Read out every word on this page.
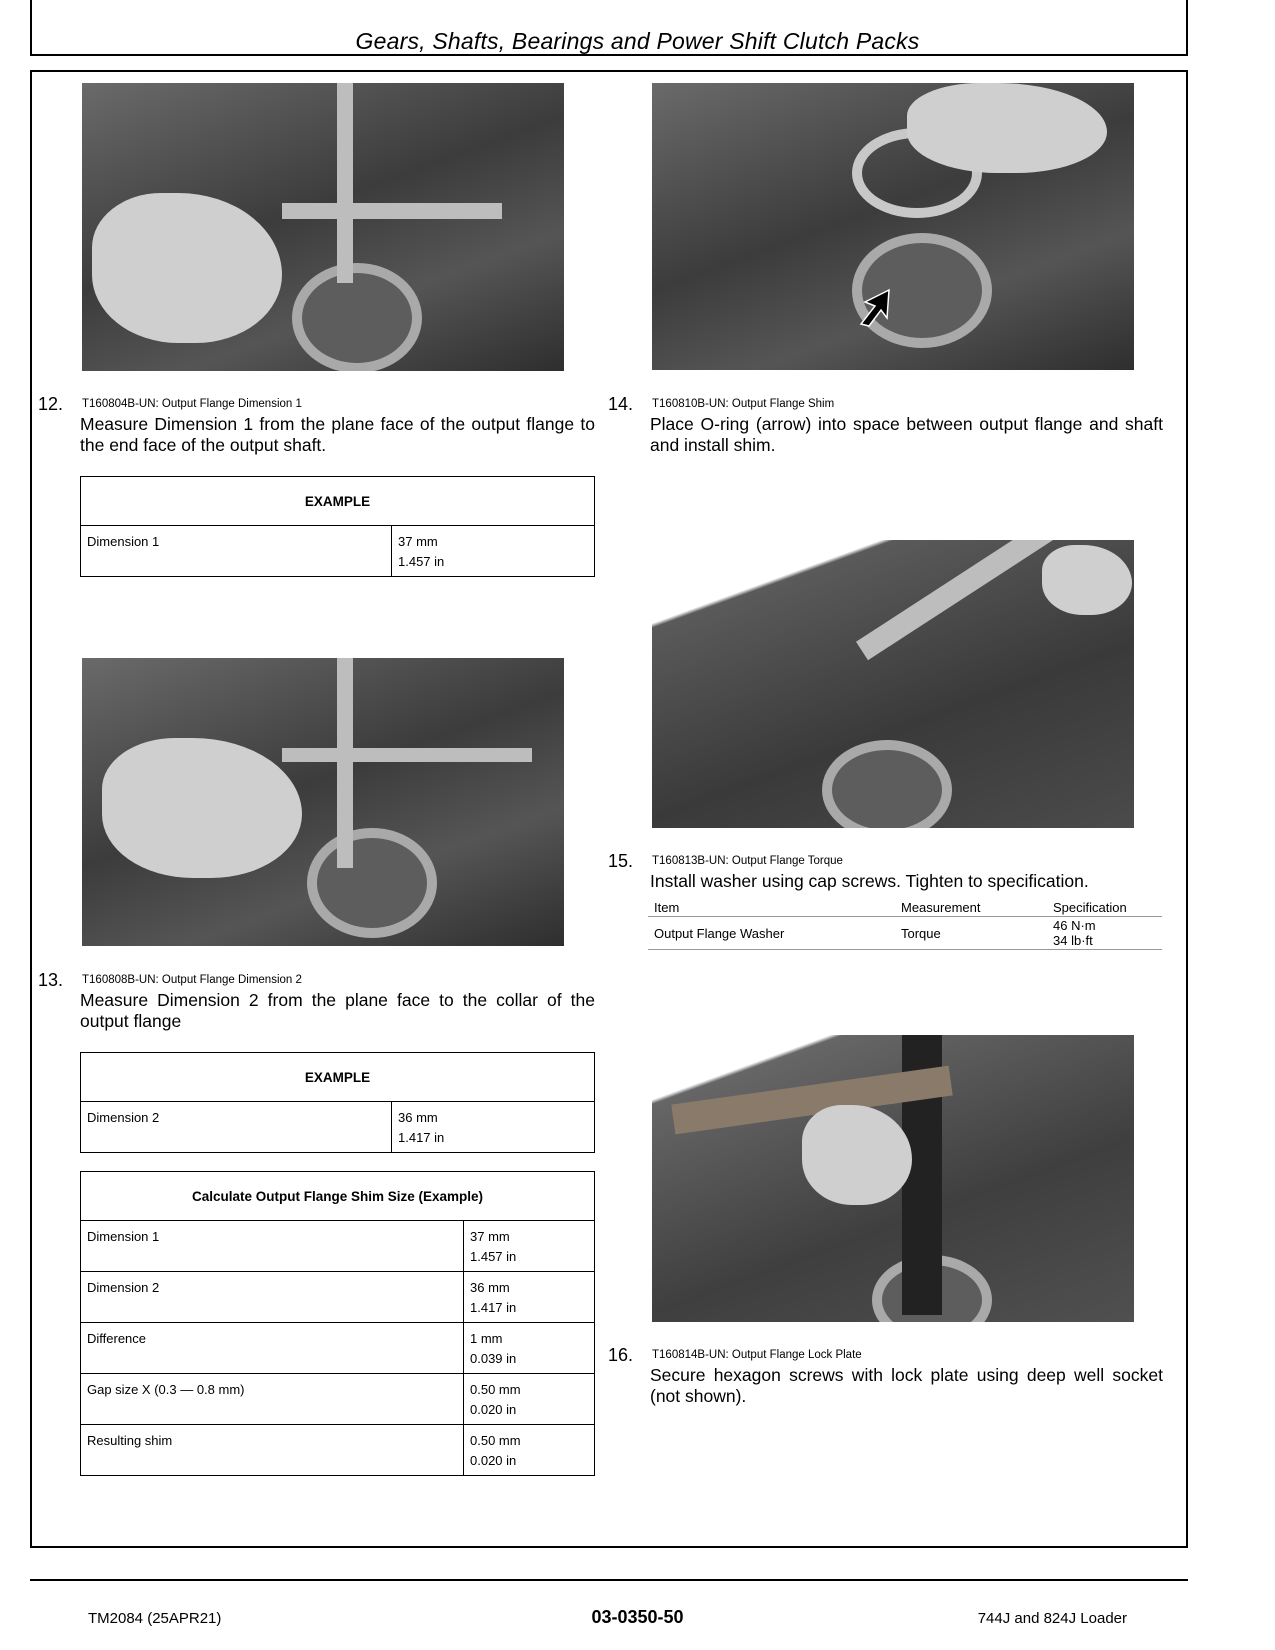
Gears, Shafts, Bearings and Power Shift Clutch Packs
12. T160804B-UN: Output Flange Dimension 1
Measure Dimension 1 from the plane face of the output flange to the end face of the output shaft.
EXAMPLE
Dimension 1	37 mm
1.457 in
13. T160808B-UN: Output Flange Dimension 2
Measure Dimension 2 from the plane face to the collar of the output flange
EXAMPLE
Dimension 2	36 mm
1.417 in
Calculate Output Flange Shim Size (Example)	
Dimension 1	37 mm
1.457 in

Dimension 2	36 mm
1.417 in

Difference	1 mm
0.039 in

Gap size X (0.3 — 0.8 mm)	0.50 mm
0.020 in

Resulting shim	0.50 mm
0.020 in
14. T160810B-UN: Output Flange Shim
Place O-ring (arrow) into space between output flange and shaft and install shim.
15. T160813B-UN: Output Flange Torque
Install washer using cap screws. Tighten to specification.
Item	Measurement	Specification
Output Flange Washer	Torque	46 N·m
34 lb·ft
16. T160814B-UN: Output Flange Lock Plate
Secure hexagon screws with lock plate using deep well socket (not shown).
TM2084 (25APR21)	03-0350-50	744J and 824J Loader
